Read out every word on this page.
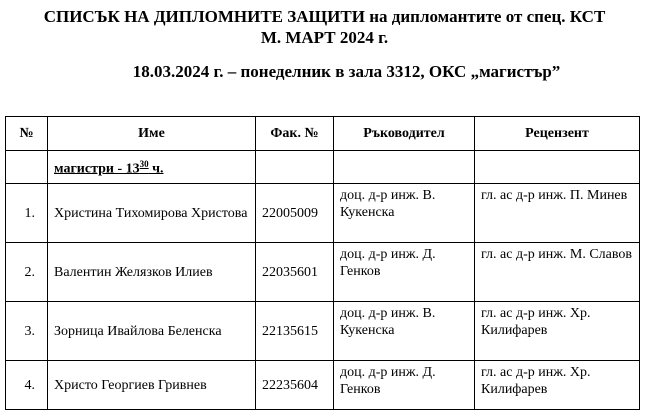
СПИСЪК НА ДИПЛОМНИТЕ ЗАЩИТИ на дипломантите от спец. КСТ
М. МАРТ 2024 г.
18.03.2024 г. – понеделник в зала 3312, ОКС „магистър”
№	Име	Фак. №	Ръководител	Рецензент
	магистри - $13^{30}$ ч.			
1.	Христина Тихомирова Христова	22005009	доц. д-р инж. В. Кукенска	гл. ас д-р инж. П. Минев
2.	Валентин Желязков Илиев	22035601	доц. д-р инж. Д. Генков	гл. ас д-р инж. М. Славов
3.	Зорница Ивайлова Беленска	22135615	доц. д-р инж. В. Кукенска	гл. ас д-р инж. Хр. Килифарев
4.	Христо Георгиев Гривнев	22235604	доц. д-р инж. Д. Генков	гл. ас д-р инж. Хр. Килифарев
